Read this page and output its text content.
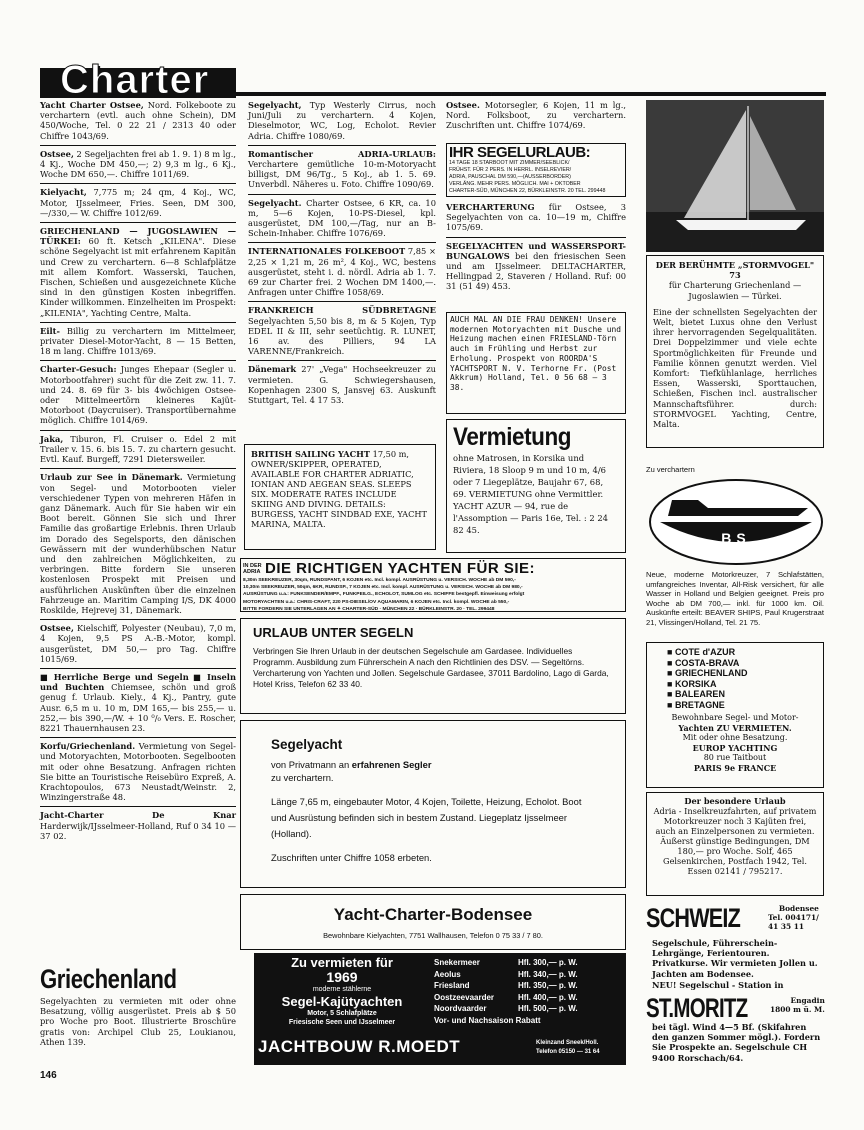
Charter

Yacht Charter Ostsee, Nord. Folkeboote zu verchartern (evtl. auch ohne Schein), DM 450/Woche, Tel. 0 22 21 / 2313 40 oder Chiffre 1043/69.

Ostsee, 2 Segeljachten frei ab 1. 9. 1) 8 m lg., 4 Kj., Woche DM 450,—; 2) 9,3 m lg., 6 Kj., Woche DM 650,—. Chiffre 1011/69.

Kielyacht, 7,775 m; 24 qm, 4 Koj., WC, Motor, IJsselmeer, Fries. Seen, DM 300,—/330,— W. Chiffre 1012/69.

GRIECHENLAND — JUGOSLAWIEN — TÜRKEI: 60 ft. Ketsch „KILENA". Diese schöne Segelyacht ist mit erfahrenem Kapitän und Crew zu verchartern. 6—8 Schlafplätze mit allem Komfort. Wasserski, Tauchen, Fischen, Schießen und ausgezeichnete Küche sind in den günstigen Kosten inbegriffen. Kinder willkommen. Einzelheiten im Prospekt: „KILENIA", Yachting Centre, Malta.

Eilt- Billig zu verchartern im Mittelmeer, privater Diesel-Motor-Yacht, 8 — 15 Betten, 18 m lang. Chiffre 1013/69.

Charter-Gesuch: Junges Ehepaar (Segler u. Motorbootfahrer) sucht für die Zeit zw. 11. 7. und 24. 8. 69 für 3- bis 4wöchigen Ostsee- oder Mittelmeertörn kleineres Kajüt-Motorboot (Daycruiser). Transportübernahme möglich. Chiffre 1014/69.

Jaka, Tiburon, Fl. Cruiser o. Edel 2 mit Trailer v. 15. 6. bis 15. 7. zu chartern gesucht. Evtl. Kauf. Burgeff, 7291 Dietersweiler.

Urlaub zur See in Dänemark. Vermietung von Segel- und Motorbooten vieler verschiedener Typen von mehreren Häfen in ganz Dänemark. Auch für Sie haben wir ein Boot bereit. Gönnen Sie sich und Ihrer Familie das großartige Erlebnis. Ihren Urlaub im Dorado des Segelsports, den dänischen Gewässern mit der wunderhübschen Natur und den zahlreichen Möglichkeiten, zu verbringen. Bitte fordern Sie unseren kostenlosen Prospekt mit Preisen und ausführlichen Auskünften über die einzelnen Fahrzeuge an. Maritim Camping I/S, DK 4000 Roskilde, Hejrevej 31, Dänemark.

Ostsee, Kielschiff, Polyester (Neubau), 7,0 m, 4 Kojen, 9,5 PS A.-B.-Motor, kompl. ausgerüstet, DM 50,— pro Tag. Chiffre 1015/69.

■ Herrliche Berge und Segeln ■ Inseln und Buchten Chiemsee, schön und groß genug f. Urlaub. Kiely., 4 Kj., Pantry, gute Ausr. 6,5 m u. 10 m, DM 165,— bis 255,— u. 252,— bis 390,—/W. + 10 ⁰/₀ Vers. E. Roscher, 8221 Thauernhausen 23.

Korfu/Griechenland. Vermietung von Segel- und Motoryachten, Motorbooten. Segelbooten mit oder ohne Besatzung. Anfragen richten Sie bitte an Touristische Reisebüro Expreß, A. Krachtopoulos, 673 Neustadt/Weinstr. 2, Winzingerstraße 48.

Jacht-Charter De Knar Harderwijk/IJsselmeer-Holland, Ruf 0 34 10 — 37 02.

Griechenland
Segelyachten zu vermieten mit oder ohne Besatzung, völlig ausgerüstet. Preis ab $ 50 pro Woche pro Boot. Illustrierte Broschüre gratis von: Archipel Club 25, Loukianou, Athen 139.
146

Segelyacht, Typ Westerly Cirrus, noch Juni/Juli zu verchartern. 4 Kojen, Dieselmotor, WC, Log, Echolot. Revier Adria. Chiffre 1080/69.

Romantischer ADRIA-URLAUB: Verchartere gemütliche 10-m-Motoryacht billigst, DM 96/Tg., 5 Koj., ab 1. 5. 69. Unverbdl. Näheres u. Foto. Chiffre 1090/69.

Segelyacht. Charter Ostsee, 6 KR, ca. 10 m, 5—6 Kojen, 10-PS-Diesel, kpl. ausgerüstet, DM 100,—/Tag, nur an B-Schein-Inhaber. Chiffre 1076/69.

INTERNATIONALES FOLKEBOOT 7,85 × 2,25 × 1,21 m, 26 m², 4 Koj., WC, bestens ausgerüstet, steht i. d. nördl. Adria ab 1. 7. 69 zur Charter frei. 2 Wochen DM 1400,—. Anfragen unter Chiffre 1058/69.

FRANKREICH SÜDBRETAGNE Segelyachten 5,50 bis 8, m & 5 Kojen, Typ EDEL II & III, sehr seetüchtig. R. LUNET, 16 av. des Pilliers, 94 LA VARENNE/Frankreich.

Dänemark 27' „Vega" Hochseekreuzer zu vermieten. G. Schwiegershausen, Kopenhagen 2300 S, Jansvej 63. Auskunft Stuttgart, Tel. 4 17 53.

BRITISH SAILING YACHT 17,50 m, OWNER/SKIPPER, OPERATED, AVAILABLE FOR CHARTER ADRIATIC, IONIAN AND AEGEAN SEAS. SLEEPS SIX. MODERATE RATES INCLUDE SKIING AND DIVING. DETAILS: BURGESS, YACHT SINDBAD EXE, YACHT MARINA, MALTA.

Ostsee. Motorsegler, 6 Kojen, 11 m lg., Nord. Folksboot, zu verchartern. Zuschriften unt. Chiffre 1074/69.

IHR SEGELURLAUB:
14 TAGE 18 STARBOOT MIT ZIMMER/SEEBLICK/
FRÜHST. FÜR 2 PERS. IN HERRL. INSELREVIER/
ADRIA, PAUSCHAL DM 590,—(AUSSERBORDER)
VERLÄNG. MEHR PERS. MÖGLICH. MAI + OKTOBER
CHARTER-SÜD, MÜNCHEN 22, BÜRKLEINSTR. 20 TEL. 299448

VERCHARTERUNG für Ostsee, 3 Segelyachten von ca. 10—19 m, Chiffre 1075/69.

SEGELYACHTEN und WASSERSPORT-BUNGALOWS bei den friesischen Seen und am IJsselmeer. DELTACHARTER, Hellingpad 2, Staveren / Holland. Ruf: 00 31 (51 49) 453.

AUCH MAL AN DIE FRAU DENKEN! Unsere modernen Motoryachten mit Dusche und Heizung machen einen FRIESLAND-Törn auch im Frühling und Herbst zur Erholung. Prospekt von ROORDA'S YACHTSPORT N. V. Terhorne Fr. (Post Akkrum) Holland, Tel. 0 56 68 — 3 38.
Vermietung
ohne Matrosen, in Korsika und Riviera, 18 Sloop 9 m und 10 m, 4/6 oder 7 Liegeplätze, Baujahr 67, 68, 69. VERMIETUNG ohne Vermittler. YACHT AZUR — 94, rue de l'Assomption — Paris 16e, Tel. : 2 24 82 45.
IN DER ADRIA DIE RICHTIGEN YACHTEN FÜR SIE:
8,30m SEEKREUZER, 30qm, RUNDSPANT, 6 KOJEN etc. Incl. kompl. AUSRÜSTUNG u. VERSICH. WOCHE ab DM 590,-
10,30m SEEKREUZER, 50qm, 6KR, RUNDSP., 7 KOJEN etc. Incl. kompl. AUSRÜSTUNG u. VERSICH. WOCHE ab DM 980,-
AUSRÜSTUNG u.a.: FUNKSENDER/EMPF., FUNKPEILG., ECHOLOT, SUMLOG etc. SCHIFFE bestgepfl. Einweisung erfolgt
MOTORYACHTEN u.a.: CHRIS-CRAFT, 220 PS-DIESEL/OV AQUAMARIN, 6 KOJEN etc. Incl. kompl. WOCHE ab 550,-
BITTE FORDERN SIE UNTERLAGEN AN ✦ CHARTER-SÜD · MÜNCHEN 22 · BÜRKLEINSTR. 20 · TEL. 299448
URLAUB UNTER SEGELN
Verbringen Sie Ihren Urlaub in der deutschen Segelschule am Gardasee. Individuelles Programm. Ausbildung zum Führerschein A nach den Richtlinien des DSV. — Segeltörns. Vercharterung von Yachten und Jollen. Segelschule Gardasee, 37011 Bardolino, Lago di Garda, Hotel Kriss, Telefon 62 33 40.
Segelyacht
von Privatmann an erfahrenen Segler
zu verchartern.
Länge 7,65 m, eingebauter Motor, 4 Kojen, Toilette, Heizung, Echolot. Boot und Ausrüstung befinden sich in bestem Zustand. Liegeplatz Ijsselmeer (Holland).
Zuschriften unter Chiffre 1058 erbeten.
Yacht-Charter-Bodensee
Bewohnbare Kielyachten, 7751 Wallhausen, Telefon 0 75 33 / 7 80.
Zu vermieten für
1969
moderne stählerne
Segel-Kajütyachten
Motor, 5 Schlafplätze
Friesische Seen und IJsselmeer
Snekermeer	Hfl. 300,— p. W.
Aeolus	Hfl. 340,— p. W.
Friesland	Hfl. 350,— p. W.
Oostzeevaarder	Hfl. 400,— p. W.
Noordvaarder	Hfl. 500,— p. W.
Vor- und Nachsaison Rabatt
JACHTBOUW R.MOEDT	Kleinzand Sneek/Holl.
Telefon 05150 — 31 64
DER BERÜHMTE „STORMVOGEL" 73
für Charterung Griechenland — Jugoslawien — Türkei.
Eine der schnellsten Segelyachten der Welt, bietet Luxus ohne den Verlust ihrer hervorragenden Segelqualitäten. Drei Doppelzimmer und viele echte Sportmöglichkeiten für Freunde und Familie können genutzt werden. Viel Komfort: Tiefkühlanlage, herrliches Essen, Wasserski, Sporttauchen, Schießen, Fischen incl. australischer Mannschaftsführer. durch: STORMVOGEL Yachting, Centre, Malta.
Zu verchartern
BS
Neue, moderne Motorkreuzer, 7 Schlafstätten, umfangreiches Inventar, All-Risk versichert, für alle Wasser in Holland und Belgien geeignet. Preis pro Woche ab DM 700,— inkl. für 1000 km. Oil. Auskünfte erteilt: BEAVER SHIPS, Paul Krugerstraat 21, Vlissingen/Holland, Tel. 21 75.
■ COTE d'AZUR
■ COSTA-BRAVA
■ GRIECHENLAND
■ KORSIKA
■ BALEAREN
■ BRETAGNE
Bewohnbare Segel- und Motor-
Yachten ZU VERMIETEN.
Mit oder ohne Besatzung.
EUROP YACHTING
80 rue Taitbout
PARIS 9e FRANCE
Der besondere Urlaub
Adria - Inselkreuzfahrten, auf privatem Motorkreuzer noch 3 Kajüten frei, auch an Einzelpersonen zu vermieten. Äußerst günstige Bedingungen, DM 180,— pro Woche. Solf, 465 Gelsenkirchen, Postfach 1942, Tel. Essen 02141 / 795217.
SCHWEIZ	Bodensee
Tel. 004171/
41 35 11
Segelschule, Führerschein-Lehrgänge, Ferientouren. Privatkurse. Wir vermieten Jollen u. Jachten am Bodensee.
NEU! Segelschul - Station in
ST.MORITZ	Engadin
1800 m ü. M.
bei tägl. Wind 4—5 Bf. (Skifahren den ganzen Sommer mögl.). Fordern Sie Prospekte an. Segelschule CH 9400 Rorschach/64.
